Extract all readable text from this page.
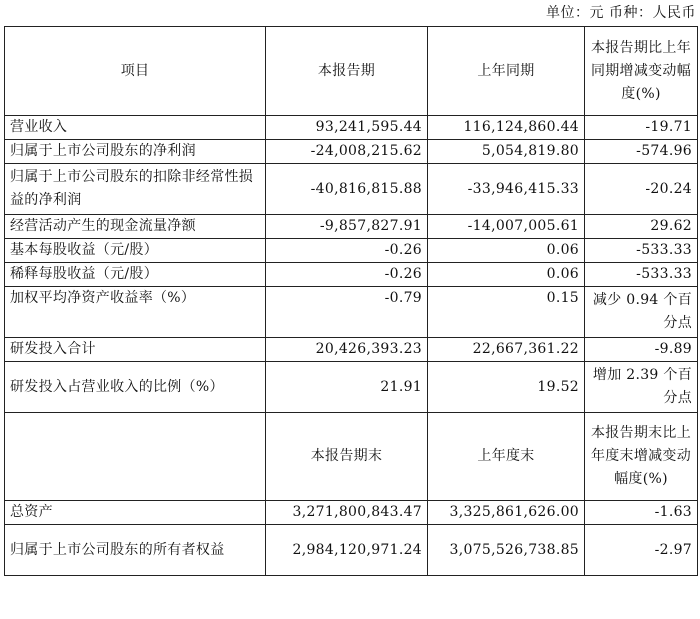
单位：元 币种：人民币
项目	本报告期	上年同期	本报告期比上年同期增减变动幅度(%)
营业收入	93,241,595.44	116,124,860.44	-19.71
归属于上市公司股东的净利润	-24,008,215.62	5,054,819.80	-574.96
归属于上市公司股东的扣除非经常性损益的净利润	-40,816,815.88	-33,946,415.33	-20.24
经营活动产生的现金流量净额	-9,857,827.91	-14,007,005.61	29.62
基本每股收益（元/股）	-0.26	0.06	-533.33
稀释每股收益（元/股）	-0.26	0.06	-533.33
加权平均净资产收益率（%）	-0.79	0.15	减少 0.94 个百分点
研发投入合计	20,426,393.23	22,667,361.22	-9.89
研发投入占营业收入的比例（%）	21.91	19.52	增加 2.39 个百分点
	本报告期末	上年度末	本报告期末比上年度末增减变动幅度(%)
总资产	3,271,800,843.47	3,325,861,626.00	-1.63
归属于上市公司股东的所有者权益	2,984,120,971.24	3,075,526,738.85	-2.97
